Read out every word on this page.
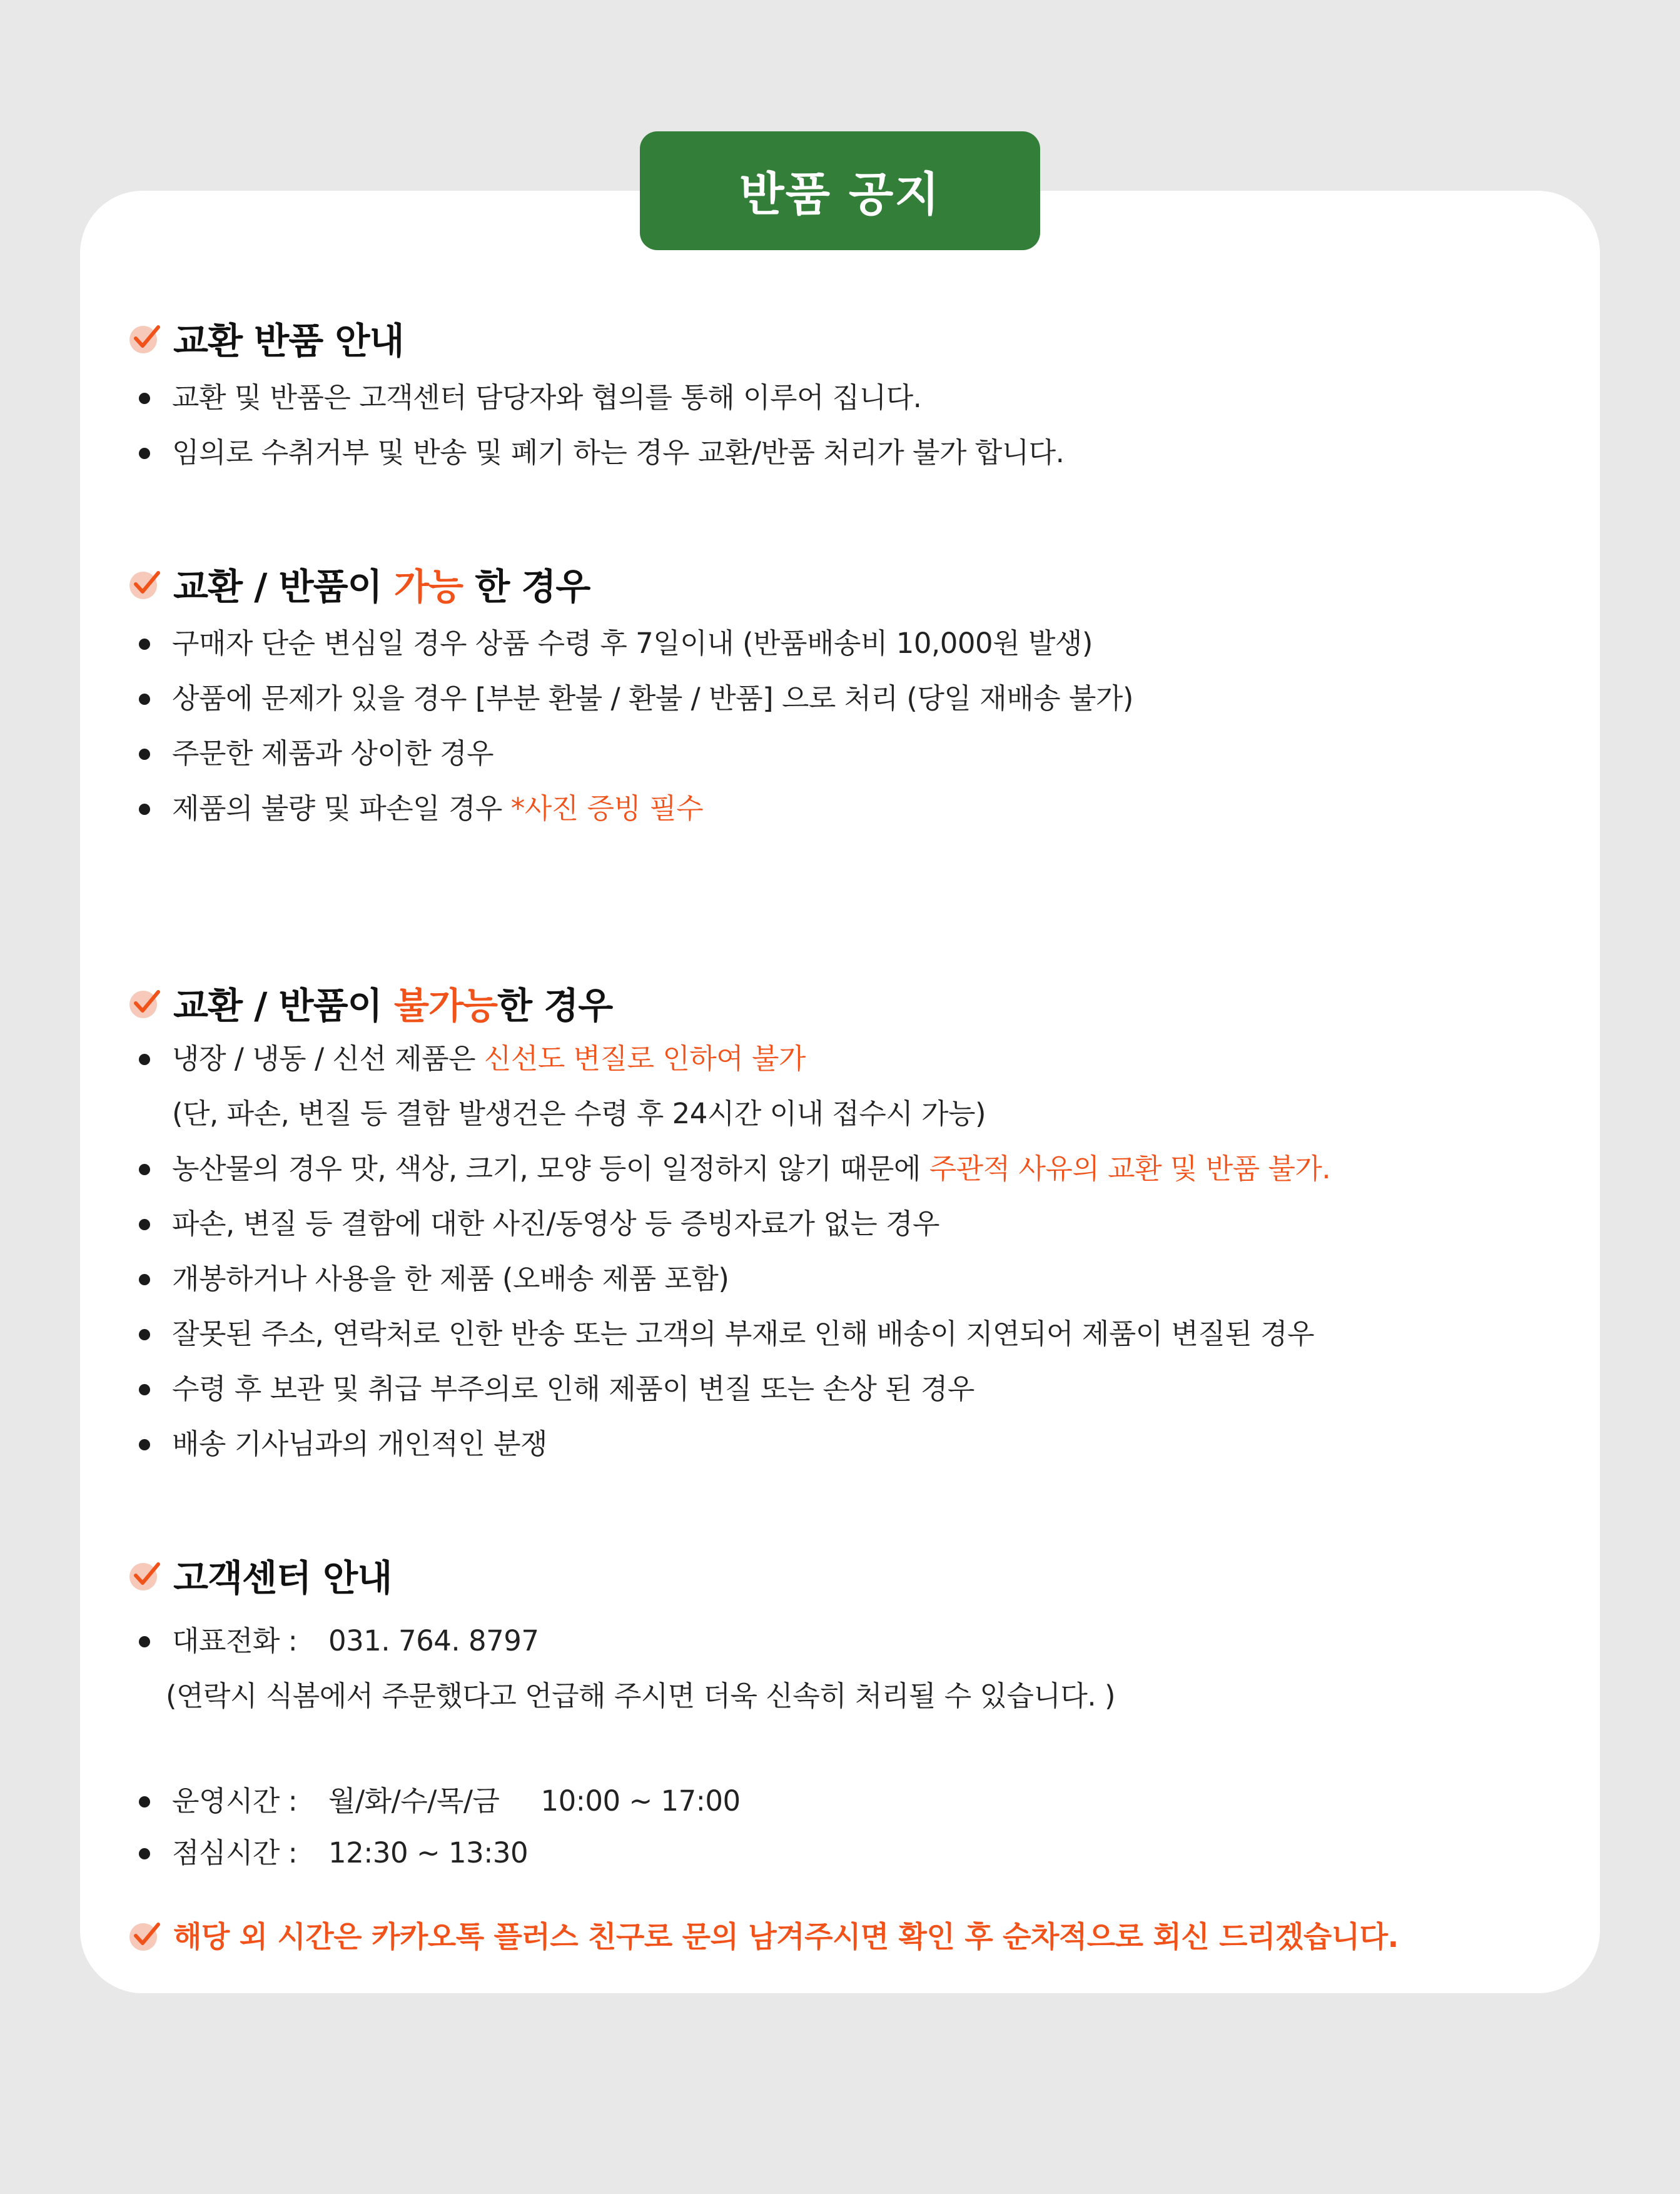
반품 공지
교환 반품 안내
교환 및 반품은 고객센터 담당자와 협의를 통해 이루어 집니다.
임의로 수취거부 및 반송 및 폐기 하는 경우 교환/반품 처리가 불가 합니다.
교환 / 반품이
가능
한 경우
구매자 단순 변심일 경우 상품 수령 후 7일이내 (반품배송비 10,000원 발생)
상품에 문제가 있을 경우 [부분 환불 / 환불 / 반품] 으로 처리 (당일 재배송 불가)
주문한 제품과 상이한 경우
제품의 불량 및 파손일 경우 *사진 증빙 필수
교환 / 반품이
불가능 한 경우
냉장 / 냉동 / 신선 제품은 신선도 변질로 인하여 불가
(단, 파손, 변질 등 결함 발생건은 수령 후 24시간 이내 접수시 가능)
농산물의 경우 맛, 색상, 크기, 모양 등이 일정하지 않기 때문에 주관적 사유의 교환 및 반품 불가.
파손, 변질 등 결함에 대한 사진/동영상 등 증빙자료가 없는 경우
개봉하거나 사용을 한 제품 (오배송 제품 포함)
잘못된 주소, 연락처로 인한 반송 또는 고객의 부재로 인해 배송이 지연되어 제품이 변질된 경우
수령 후 보관 및 취급 부주의로 인해 제품이 변질 또는 손상 된 경우
배송 기사님과의 개인적인 분쟁
고객센터 안내
대표전화 : 031. 764. 8797
(연락시 식봄에서 주문했다고 언급해 주시면 더욱 신속히 처리될 수 있습니다. )
운영시간 : 월/화/수/목/금 10:00 ~ 17:00
점심시간 : 12:30 ~ 13:30
해당 외 시간은 카카오톡 플러스 친구로 문의 남겨주시면 확인 후 순차적으로 회신 드리겠습니다.
